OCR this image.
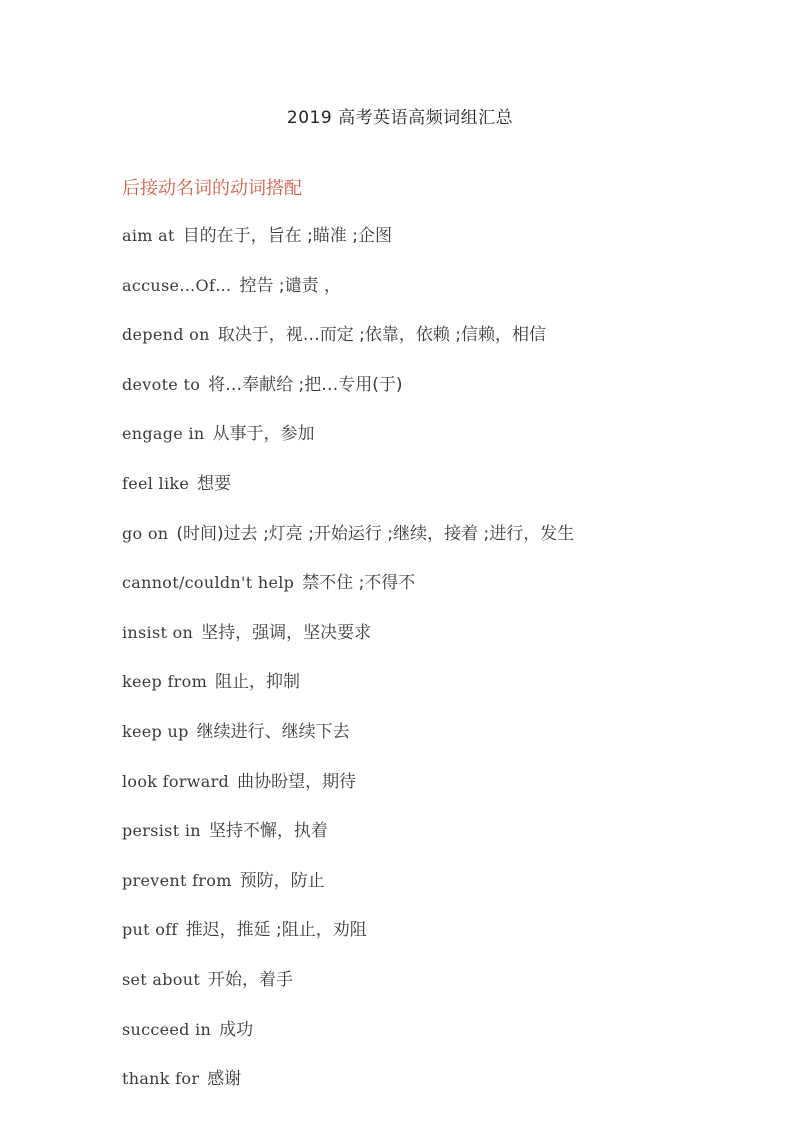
2019 高考英语高频词组汇总
后接动名词的动词搭配
aim at 目的在于，旨在 ;瞄准 ;企图
accuse…Of… 控告 ;谴责 ，
depend on 取决于，视…而定 ;依靠，依赖 ;信赖，相信
devote to 将…奉献给 ;把…专用(于)
engage in 从事于，参加
feel like 想要
go on (时间)过去 ;灯亮 ;开始运行 ;继续，接着 ;进行，发生
cannot/couldn't help 禁不住 ;不得不
insist on 坚持，强调，坚决要求
keep from 阻止，抑制
keep up 继续进行、继续下去
look forward 曲协盼望，期待
persist in 坚持不懈，执着
prevent from 预防，防止
put off 推迟，推延 ;阻止，劝阻
set about 开始，着手
succeed in 成功
thank for 感谢
